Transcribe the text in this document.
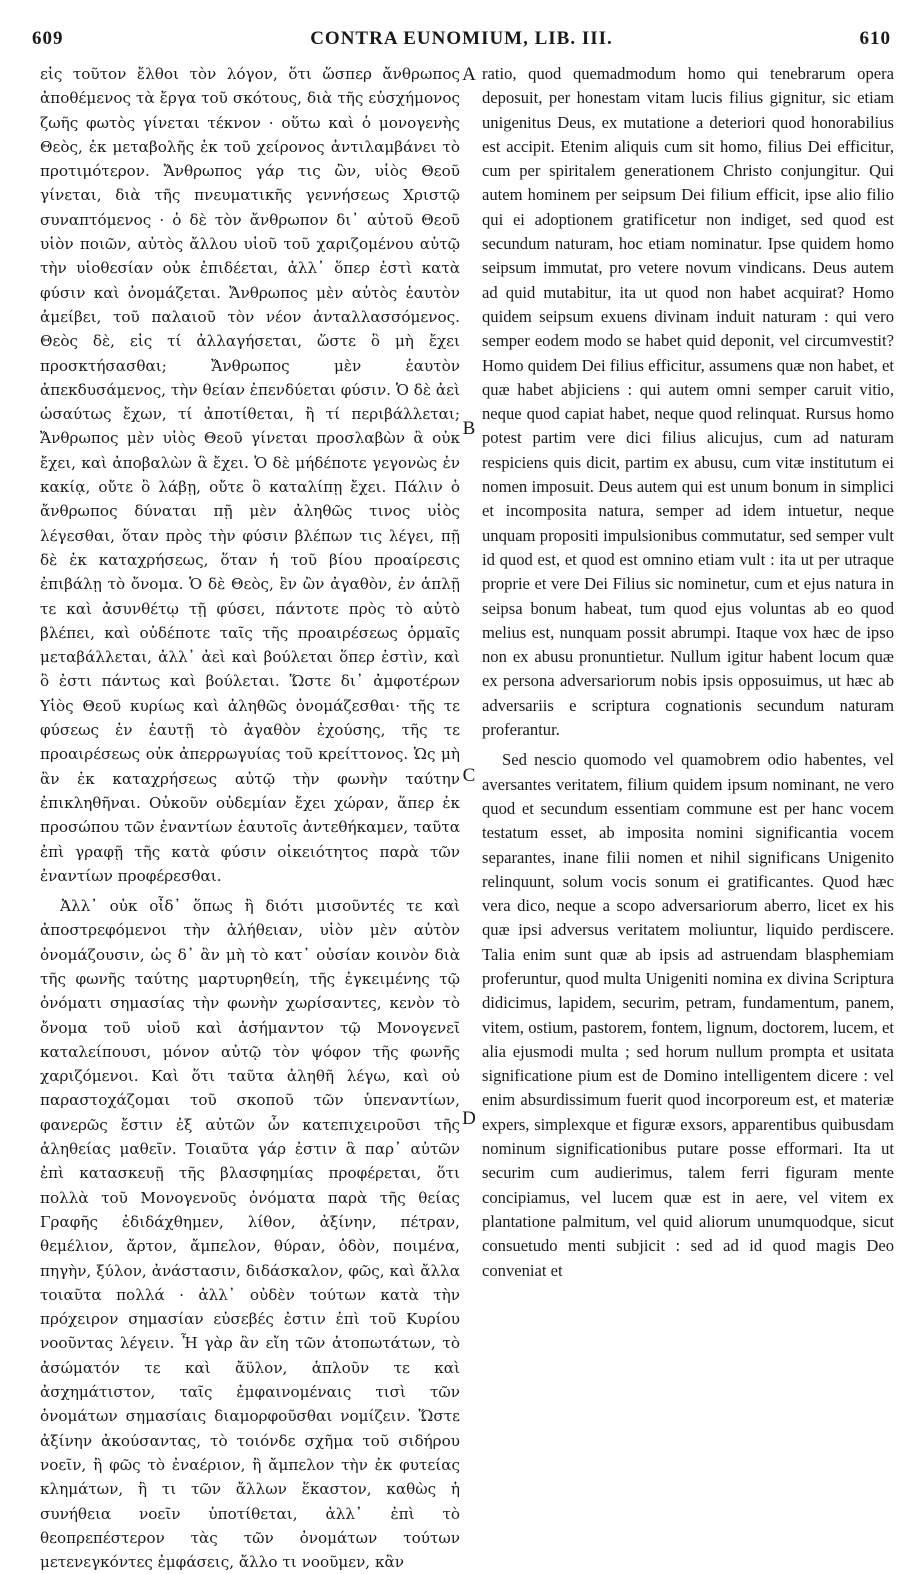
609	CONTRA EUNOMIUM, LIB. III.	610

εἰς τοῦτον ἔλθοι τὸν λόγον, ὅτι ὥσπερ ἄνθρωπος ἀποθέμενος τὰ ἔργα τοῦ σκότους, διὰ τῆς εὐσχήμονος ζωῆς φωτὸς γίνεται τέκνον · οὕτω καὶ ὁ μονογενὴς Θεὸς, ἐκ μεταβολῆς ἐκ τοῦ χείρονος ἀντιλαμβάνει τὸ προτιμότερον. Ἄνθρωπος γάρ τις ὢν, υἱὸς Θεοῦ γίνεται, διὰ τῆς πνευματικῆς γεννήσεως Χριστῷ συναπτόμενος · ὁ δὲ τὸν ἄνθρωπον δι᾽ αὐτοῦ Θεοῦ υἱὸν ποιῶν, αὐτὸς ἄλλου υἱοῦ τοῦ χαριζομένου αὐτῷ τὴν υἱοθεσίαν οὐκ ἐπιδέεται, ἀλλ᾽ ὅπερ ἐστὶ κατὰ φύσιν καὶ ὀνομάζεται. Ἄνθρωπος μὲν αὐτὸς ἑαυτὸν ἀμείβει, τοῦ παλαιοῦ τὸν νέον ἀνταλλασσόμενος. Θεὸς δὲ, εἰς τί ἀλλαγήσεται, ὥστε ὃ μὴ ἔχει προσκτήσασθαι; Ἄνθρωπος μὲν ἑαυτὸν ἀπεκδυσάμενος, τὴν θείαν ἐπενδύεται φύσιν. Ὁ δὲ ἀεὶ ὡσαύτως ἔχων, τί ἀποτίθεται, ἢ τί περιβάλλεται; Ἄνθρωπος μὲν υἱὸς Θεοῦ γίνεται προσλαβὼν ἃ οὐκ ἔχει, καὶ ἀποβαλὼν ἃ ἔχει. Ὁ δὲ μήδέποτε γεγονὼς ἐν κακίᾳ, οὔτε ὃ λάβῃ, οὔτε ὃ καταλίπῃ ἔχει. Πάλιν ὁ ἄνθρωπος δύναται πῇ μὲν ἀληθῶς τινος υἱὸς λέγεσθαι, ὅταν πρὸς τὴν φύσιν βλέπων τις λέγει, πῇ δὲ ἐκ καταχρήσεως, ὅταν ἡ τοῦ βίου προαίρεσις ἐπιβάλῃ τὸ ὄνομα. Ὁ δὲ Θεὸς, ἓν ὢν ἀγαθὸν, ἐν ἁπλῇ τε καὶ ἀσυνθέτῳ τῇ φύσει, πάντοτε πρὸς τὸ αὐτὸ βλέπει, καὶ οὐδέποτε ταῖς τῆς προαιρέσεως ὁρμαῖς μεταβάλλεται, ἀλλ᾽ ἀεὶ καὶ βούλεται ὅπερ ἐστὶν, καὶ ὃ ἐστι πάντως καὶ βούλεται. Ὥστε δι᾽ ἀμφοτέρων Υἱὸς Θεοῦ κυρίως καὶ ἀληθῶς ὀνομάζεσθαι· τῆς τε φύσεως ἐν ἑαυτῇ τὸ ἀγαθὸν ἐχούσης, τῆς τε προαιρέσεως οὐκ ἀπερρωγυίας τοῦ κρείττονος. Ὡς μὴ ἂν ἐκ καταχρήσεως αὐτῷ τὴν φωνὴν ταύτην ἐπικληθῆναι. Οὐκοῦν οὐδεμίαν ἔχει χώραν, ἅπερ ἐκ προσώπου τῶν ἐναντίων ἑαυτοῖς ἀντεθήκαμεν, ταῦτα ἐπὶ γραφῇ τῆς κατὰ φύσιν οἰκειότητος παρὰ τῶν ἐναντίων προφέρεσθαι.

Ἀλλ᾽ οὐκ οἶδ᾽ ὅπως ἢ διότι μισοῦντές τε καὶ ἀποστρεφόμενοι τὴν ἀλήθειαν, υἱὸν μὲν αὐτὸν ὀνομάζουσιν, ὡς δ᾽ ἂν μὴ τὸ κατ᾽ οὐσίαν κοινὸν διὰ τῆς φωνῆς ταύτης μαρτυρηθείη, τῆς ἐγκειμένης τῷ ὀνόματι σημασίας τὴν φωνὴν χωρίσαντες, κενὸν τὸ ὄνομα τοῦ υἱοῦ καὶ ἀσήμαντον τῷ Μονογενεῖ καταλείπουσι, μόνον αὐτῷ τὸν ψόφον τῆς φωνῆς χαριζόμενοι. Καὶ ὅτι ταῦτα ἀληθῆ λέγω, καὶ οὐ παραστοχάζομαι τοῦ σκοποῦ τῶν ὑπεναντίων, φανερῶς ἔστιν ἐξ αὐτῶν ὧν κατεπιχειροῦσι τῆς ἀληθείας μαθεῖν. Τοιαῦτα γάρ ἐστιν ἃ παρ᾽ αὐτῶν ἐπὶ κατασκευῇ τῆς βλασφημίας προφέρεται, ὅτι πολλὰ τοῦ Μονογενοῦς ὀνόματα παρὰ τῆς θείας Γραφῆς ἐδιδάχθημεν, λίθον, ἀξίνην, πέτραν, θεμέλιον, ἄρτον, ἄμπελον, θύραν, ὁδὸν, ποιμένα, πηγὴν, ξύλον, ἀνάστασιν, διδάσκαλον, φῶς, καὶ ἄλλα τοιαῦτα πολλά · ἀλλ᾽ οὐδὲν τούτων κατὰ τὴν πρόχειρον σημασίαν εὐσεβές ἐστιν ἐπὶ τοῦ Κυρίου νοοῦντας λέγειν. Ἦ γὰρ ἂν εἴη τῶν ἀτοπωτάτων, τὸ ἀσώματόν τε καὶ ἄϋλον, ἁπλοῦν τε καὶ ἀσχημάτιστον, ταῖς ἐμφαινομέναις τισὶ τῶν ὀνομάτων σημασίαις διαμορφοῦσθαι νομίζειν. Ὥστε ἀξίνην ἀκούσαντας, τὸ τοιόνδε σχῆμα τοῦ σιδήρου νοεῖν, ἢ φῶς τὸ ἐναέριον, ἢ ἄμπελον τὴν ἐκ φυτείας κλημάτων, ἢ τι τῶν ἄλλων ἕκαστον, καθὼς ἡ συνήθεια νοεῖν ὑποτίθεται, ἀλλ᾽ ἐπὶ τὸ θεοπρεπέστερον τὰς τῶν ὀνομάτων τούτων μετενεγκόντες ἐμφάσεις, ἄλλο τι νοοῦμεν, κἂν

A
B
C
D

ratio, quod quemadmodum homo qui tenebrarum opera deposuit, per honestam vitam lucis filius gignitur, sic etiam unigenitus Deus, ex mutatione a deteriori quod honorabilius est accipit. Etenim aliquis cum sit homo, filius Dei efficitur, cum per spiritalem generationem Christo conjungitur. Qui autem hominem per seipsum Dei filium efficit, ipse alio filio qui ei adoptionem gratificetur non indiget, sed quod est secundum naturam, hoc etiam nominatur. Ipse quidem homo seipsum immutat, pro vetere novum vindicans. Deus autem ad quid mutabitur, ita ut quod non habet acquirat? Homo quidem seipsum exuens divinam induit naturam : qui vero semper eodem modo se habet quid deponit, vel circumvestit? Homo quidem Dei filius efficitur, assumens quæ non habet, et quæ habet abjiciens : qui autem omni semper caruit vitio, neque quod capiat habet, neque quod relinquat. Rursus homo potest partim vere dici filius alicujus, cum ad naturam respiciens quis dicit, partim ex abusu, cum vitæ institutum ei nomen imposuit. Deus autem qui est unum bonum in simplici et incomposita natura, semper ad idem intuetur, neque unquam propositi impulsionibus commutatur, sed semper vult id quod est, et quod est omnino etiam vult : ita ut per utraque proprie et vere Dei Filius sic nominetur, cum et ejus natura in seipsa bonum habeat, tum quod ejus voluntas ab eo quod melius est, nunquam possit abrumpi. Itaque vox hæc de ipso non ex abusu pronuntietur. Nullum igitur habent locum quæ ex persona adversariorum nobis ipsis opposuimus, ut hæc ab adversariis e scriptura cognationis secundum naturam proferantur.

Sed nescio quomodo vel quamobrem odio habentes, vel aversantes veritatem, filium quidem ipsum nominant, ne vero quod et secundum essentiam commune est per hanc vocem testatum esset, ab imposita nomini significantia vocem separantes, inane filii nomen et nihil significans Unigenito relinquunt, solum vocis sonum ei gratificantes. Quod hæc vera dico, neque a scopo adversariorum aberro, licet ex his quæ ipsi adversus veritatem moliuntur, liquido perdiscere. Talia enim sunt quæ ab ipsis ad astruendam blasphemiam proferuntur, quod multa Unigeniti nomina ex divina Scriptura didicimus, lapidem, securim, petram, fundamentum, panem, vitem, ostium, pastorem, fontem, lignum, doctorem, lucem, et alia ejusmodi multa ; sed horum nullum prompta et usitata significatione pium est de Domino intelligentem dicere : vel enim absurdissimum fuerit quod incorporeum est, et materiæ expers, simplexque et figuræ exsors, apparentibus quibusdam nominum significationibus putare posse efformari. Ita ut securim cum audierimus, talem ferri figuram mente concipiamus, vel lucem quæ est in aere, vel vitem ex plantatione palmitum, vel quid aliorum unumquodque, sicut consuetudo menti subjicit : sed ad id quod magis Deo conveniat et
